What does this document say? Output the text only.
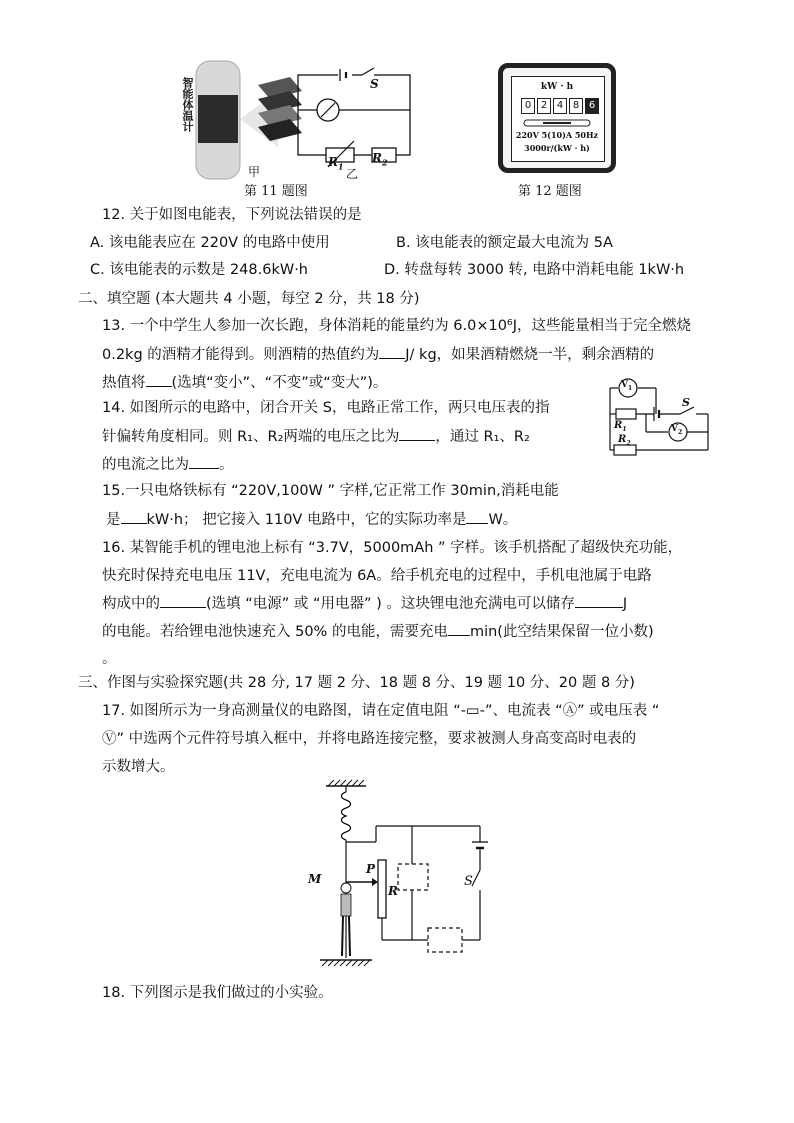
智能体温计
甲
S
$R_1$
$R_2$
乙
第 11 题图
kW · h
0 2 4 8 6
220V 5(10)A 50Hz
3000r/(kW · h)
第 12 题图
12. 关于如图电能表，下列说法错误的是
A. 该电能表应在 220V 的电路中使用	B. 该电能表的额定最大电流为 5A
C. 该电能表的示数是 248.6kW·h	D. 转盘每转 3000 转, 电路中消耗电能 1kW·h
二、填空题 (本大题共 4 小题，每空 2 分，共 18 分)
13. 一个中学生人参加一次长跑，身体消耗的能量约为 6.0×10⁶J，这些能量相当于完全燃烧
0.2kg 的酒精才能得到。则酒精的热值约为 J/ kg，如果酒精燃烧一半，剩余酒精的
热值将 (选填“变小”、“不变”或“变大”)。
14. 如图所示的电路中，闭合开关 S，电路正常工作，两只电压表的指
针偏转角度相同。则 R₁、R₂两端的电压之比为 ，通过 R₁、R₂
的电流之比为 。
$V_1$
$V_2$
S
$R_1$
$R_2$
15.一只电烙铁标有 “220V,100W ” 字样,它正常工作 30min,消耗电能
是 kW·h； 把它接入 110V 电路中，它的实际功率是 W。
16. 某智能手机的锂电池上标有 “3.7V，5000mAh ” 字样。该手机搭配了超级快充功能，
快充时保持充电电压 11V，充电电流为 6A。给手机充电的过程中，手机电池属于电路
构成中的	(选填 “电源” 或 “用电器” ) 。这块锂电池充满电可以储存	J
的电能。若给锂电池快速充入 50% 的电能，需要充电 min(此空结果保留一位小数)
。
三、作图与实验探究题(共 28 分, 17 题 2 分、18 题 8 分、19 题 10 分、20 题 8 分)
17. 如图所示为一身高测量仪的电路图，请在定值电阻 “-▭-”、电流表 “Ⓐ” 或电压表 “
Ⓥ” 中选两个元件符号填入框中，并将电路连接完整，要求被测人身高变高时电表的
示数增大。
M
P
R
S
18. 下列图示是我们做过的小实验。
